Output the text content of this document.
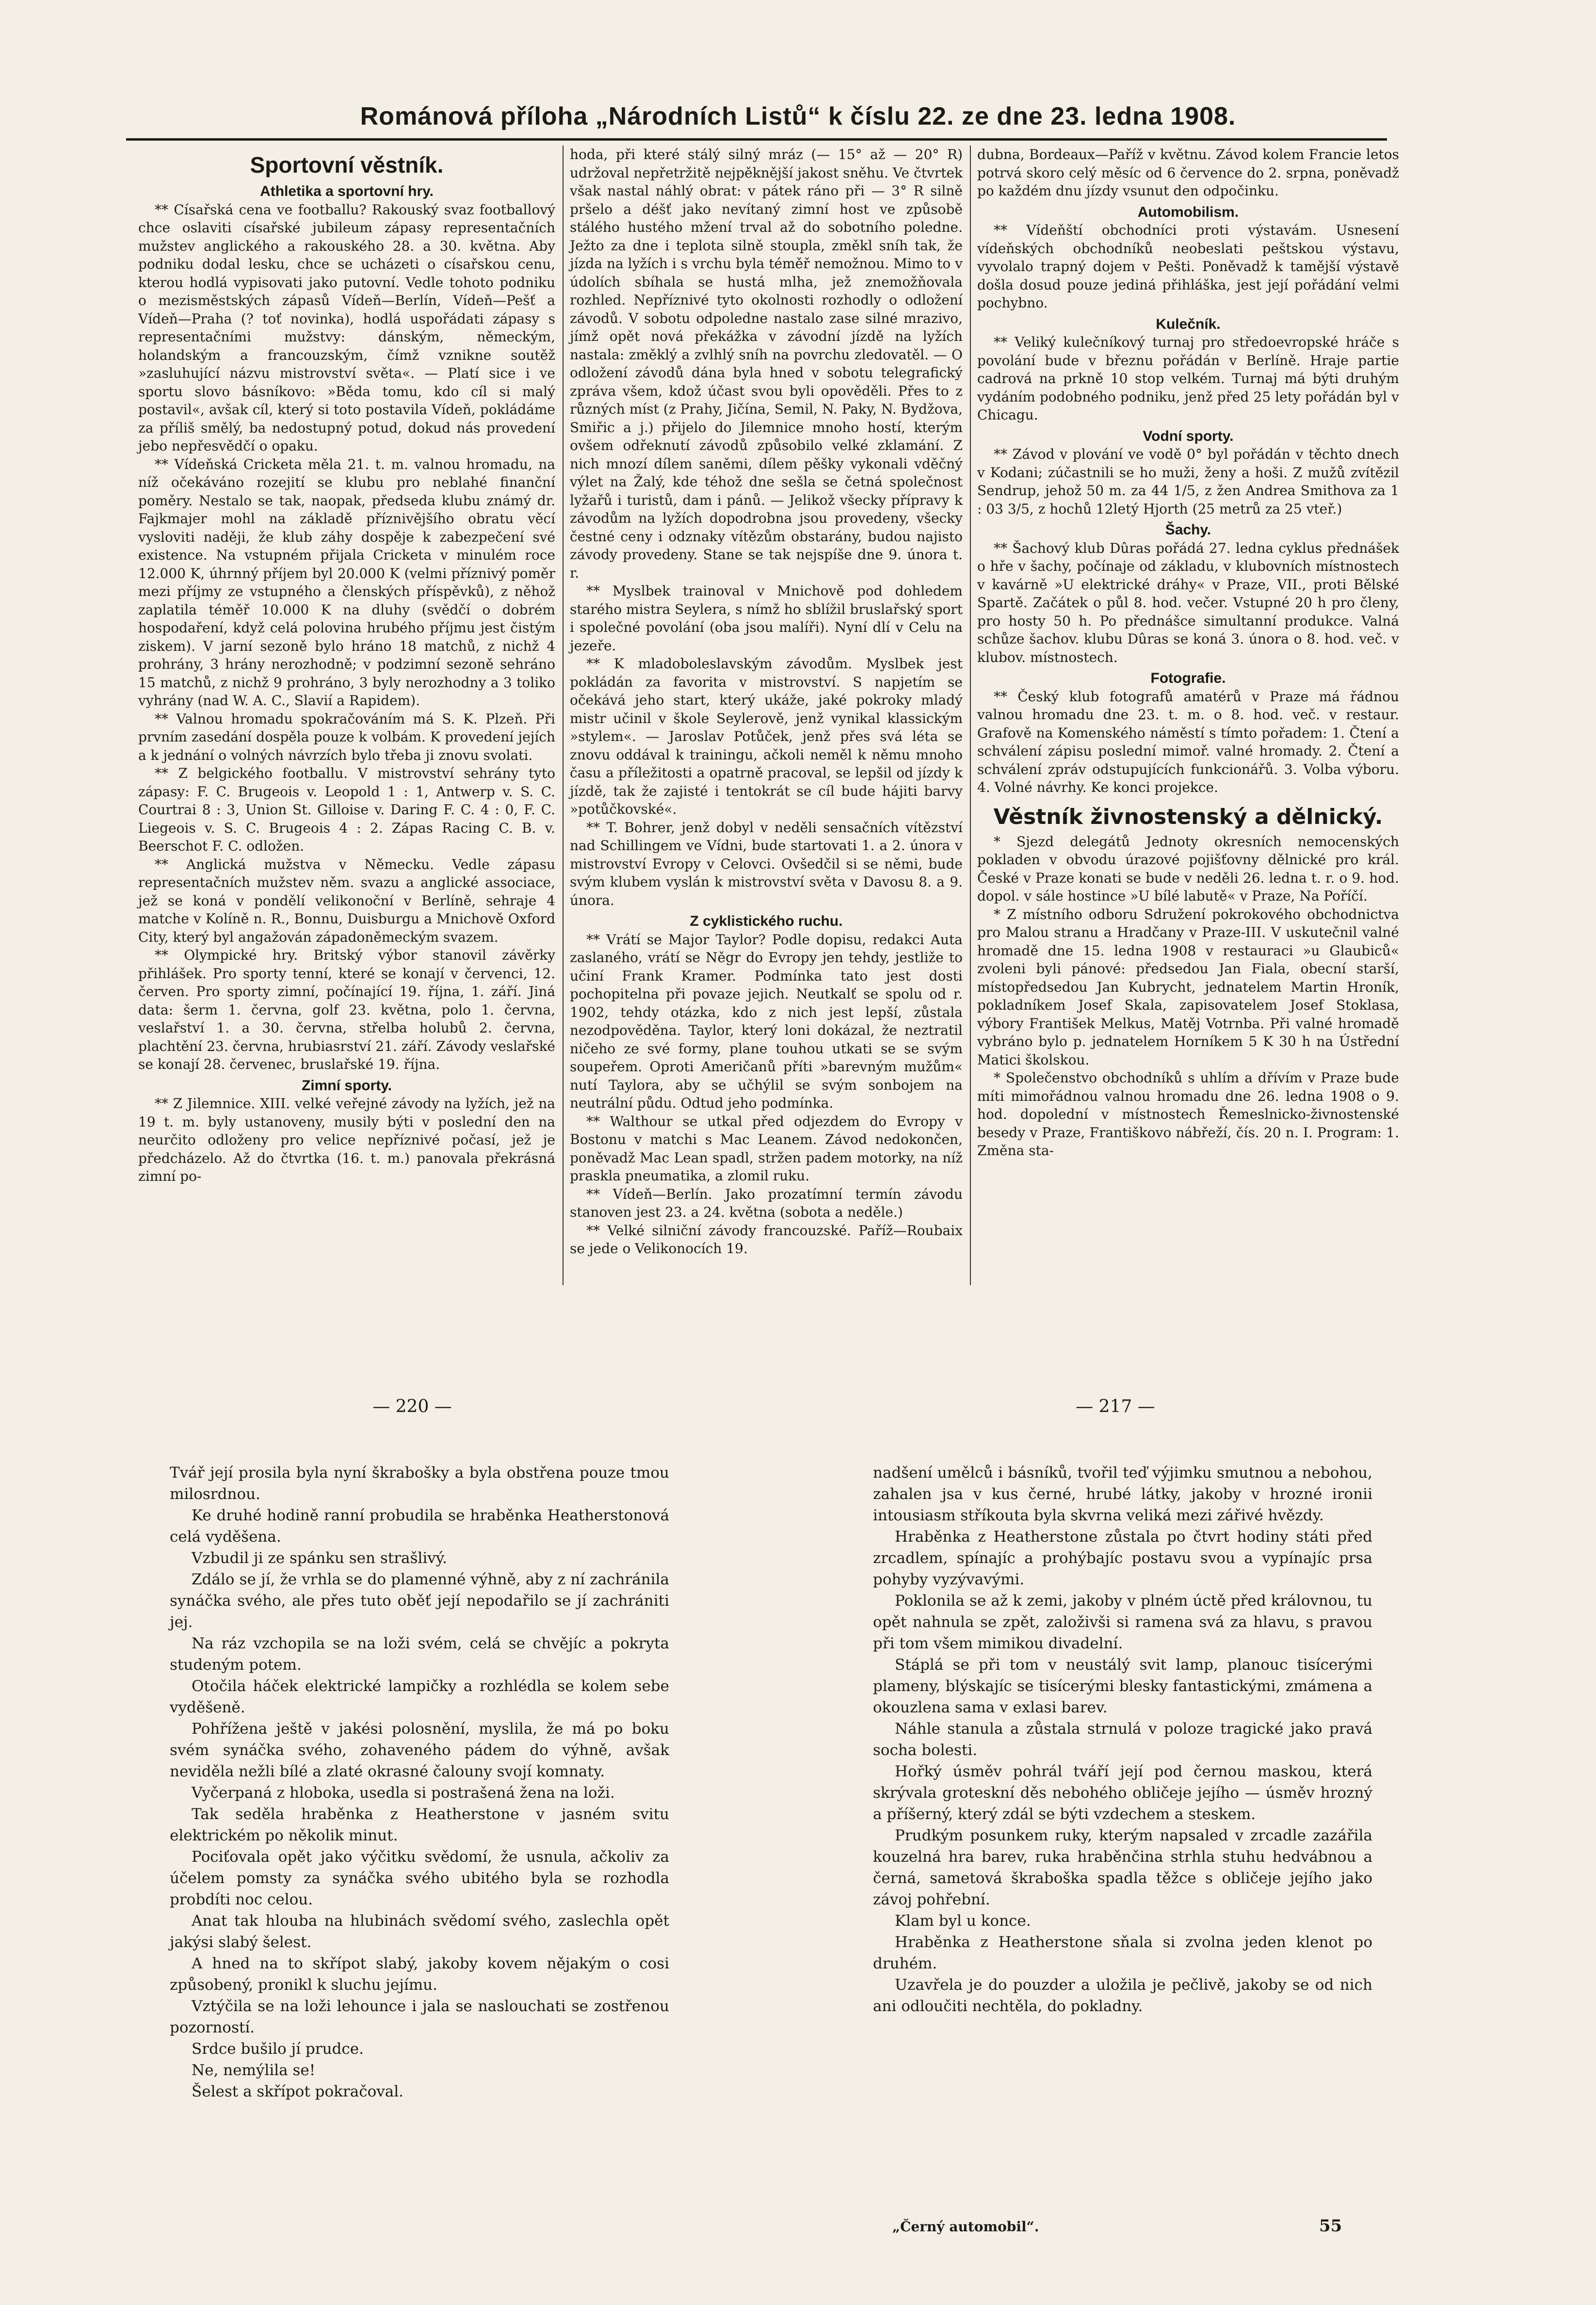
Románová příloha „Národních Listů“ k číslu 22. ze dne 23. ledna 1908.

Sportovní věstník.

Athletika a sportovní hry.

** Císařská cena ve footballu? Rakouský svaz footballový chce oslaviti císařské jubileum zápasy representačních mužstev anglického a rakouského 28. a 30. května. Aby podniku dodal lesku, chce se ucházeti o císařskou cenu, kterou hodlá vypisovati jako putovní. Vedle tohoto podniku o mezisměstských zápasů Vídeň—Berlín, Vídeň—Pešť a Vídeň—Praha (? toť novinka), hodlá uspořádati zápasy s representačními mužstvy: dánským, německým, holandským a francouzským, čímž vznikne soutěž »zasluhující názvu mistrovství světa«. — Platí sice i ve sportu slovo básníkovo: »Běda tomu, kdo cíl si malý postavil«, avšak cíl, který si toto postavila Vídeň, pokládáme za příliš smělý, ba nedostupný potud, dokud nás provedení jebo nepřesvědčí o opaku.

** Vídeňská Cricketa měla 21. t. m. valnou hromadu, na níž očekáváno rozejití se klubu pro neblahé finanční poměry. Nestalo se tak, naopak, předseda klubu známý dr. Fajkmajer mohl na základě příznivějšího obratu věcí vysloviti naději, že klub záhy dospěje k zabezpečení své existence. Na vstupném přijala Cricketa v minulém roce 12.000 K, úhrnný příjem byl 20.000 K (velmi příznivý poměr mezi příjmy ze vstupného a členských příspěvků), z něhož zaplatila téměř 10.000 K na dluhy (svědčí o dobrém hospodaření, když celá polovina hrubého příjmu jest čistým ziskem). V jarní sezoně bylo hráno 18 matchů, z nichž 4 prohrány, 3 hrány nerozhodně; v podzimní sezoně sehráno 15 matchů, z nichž 9 prohráno, 3 byly nerozhodny a 3 toliko vyhrány (nad W. A. C., Slavií a Rapidem).

** Valnou hromadu spokračováním má S. K. Plzeň. Při prvním zasedání dospěla pouze k volbám. K provedení jejích a k jednání o volných návrzích bylo třeba ji znovu svolati.

** Z belgického footballu. V mistrovství sehrány tyto zápasy: F. C. Brugeois v. Leopold 1 : 1, Antwerp v. S. C. Courtrai 8 : 3, Union St. Gilloise v. Daring F. C. 4 : 0, F. C. Liegeois v. S. C. Brugeois 4 : 2. Zápas Racing C. B. v. Beerschot F. C. odložen.

** Anglická mužstva v Německu. Vedle zápasu representačních mužstev něm. svazu a anglické associace, jež se koná v pondělí velikonoční v Berlíně, sehraje 4 matche v Kolíně n. R., Bonnu, Duisburgu a Mnichově Oxford City, který byl angažován západoněmeckým svazem.

** Olympické hry. Britský výbor stanovil závěrky přihlášek. Pro sporty tenní, které se konají v červenci, 12. červen. Pro sporty zimní, počínající 19. října, 1. září. Jiná data: šerm 1. června, golf 23. května, polo 1. června, veslařství 1. a 30. června, střelba holubů 2. června, plachtění 23. června, hrubiasrství 21. září. Závody veslařské se konají 28. červenec, bruslařské 19. října.

Zimní sporty.

** Z Jilemnice. XIII. velké veřejné závody na lyžích, jež na 19 t. m. byly ustanoveny, musily býti v poslední den na neurčito odloženy pro velice nepříznivé počasí, jež je předcházelo. Až do čtvrtka (16. t. m.) panovala překrásná zimní po-

hoda, při které stálý silný mráz (— 15° až — 20° R) udržoval nepřetržitě nejpěknější jakost sněhu. Ve čtvrtek však nastal náhlý obrat: v pátek ráno při — 3° R silně pršelo a déšť jako nevítaný zimní host ve způsobě stálého hustého mžení trval až do sobotního poledne. Ježto za dne i teplota silně stoupla, změkl sníh tak, že jízda na lyžích i s vrchu byla téměř nemožnou. Mimo to v údolích sbíhala se hustá mlha, jež znemožňovala rozhled. Nepříznivé tyto okolnosti rozhodly o odložení závodů. V sobotu odpoledne nastalo zase silné mrazivo, jímž opět nová překážka v závodní jízdě na lyžích nastala: změklý a zvlhlý sníh na povrchu zledovatěl. — O odložení závodů dána byla hned v sobotu telegrafický zpráva všem, kdož účast svou byli opověděli. Přes to z různých míst (z Prahy, Jičína, Semil, N. Paky, N. Bydžova, Smiřic a j.) přijelo do Jilemnice mnoho hostí, kterým ovšem odřeknutí závodů způsobilo velké zklamání. Z nich mnozí dílem saněmi, dílem pěšky vykonali vděčný výlet na Žalý, kde téhož dne sešla se četná společnost lyžařů i turistů, dam i pánů. — Jelikož všecky přípravy k závodům na lyžích dopodrobna jsou provedeny, všecky čestné ceny i odznaky vítězům obstarány, budou najisto závody provedeny. Stane se tak nejspíše dne 9. února t. r.

** Myslbek trainoval v Mnichově pod dohledem starého mistra Seylera, s nímž ho sblížil bruslařský sport i společné povolání (oba jsou malíři). Nyní dlí v Celu na jezeře.

** K mladoboleslavským závodům. Myslbek jest pokládán za favorita v mistrovství. S napjetím se očekává jeho start, který ukáže, jaké pokroky mladý mistr učinil v škole Seylerově, jenž vynikal klassickým »stylem«. — Jaroslav Potůček, jenž přes svá léta se znovu oddával k trainingu, ačkoli neměl k němu mnoho času a příležitosti a opatrně pracoval, se lepšil od jízdy k jízdě, tak že zajisté i tentokrát se cíl bude hájiti barvy »potůčkovské«.

** T. Bohrer, jenž dobyl v neděli sensačních vítězství nad Schillingem ve Vídni, bude startovati 1. a 2. února v mistrovství Evropy v Celovci. Ovšedčil si se němi, bude svým klubem vyslán k mistrovství světa v Davosu 8. a 9. února.

Z cyklistického ruchu.

** Vrátí se Major Taylor? Podle dopisu, redakci Auta zaslaného, vrátí se Něgr do Evropy jen tehdy, jestliže to učiní Frank Kramer. Podmínka tato jest dosti pochopitelna při povaze jejich. Neutkalť se spolu od r. 1902, tehdy otázka, kdo z nich jest lepší, zůstala nezodpověděna. Taylor, který loni dokázal, že neztratil ničeho ze své formy, plane touhou utkati se se svým soupeřem. Oproti Američanů příti »barevným mužům« nutí Taylora, aby se učhýlil se svým sonbojem na neutrální půdu. Odtud jeho podmínka.

** Walthour se utkal před odjezdem do Evropy v Bostonu v matchi s Mac Leanem. Závod nedokončen, poněvadž Mac Lean spadl, stržen padem motorky, na níž praskla pneumatika, a zlomil ruku.

** Vídeň—Berlín. Jako prozatímní termín závodu stanoven jest 23. a 24. května (sobota a neděle.)

** Velké silniční závody francouzské. Paříž—Roubaix se jede o Velikonocích 19.

dubna, Bordeaux—Paříž v květnu. Závod kolem Francie letos potrvá skoro celý měsíc od 6 července do 2. srpna, poněvadž po každém dnu jízdy vsunut den odpočinku.

Automobilism.

** Vídeňští obchodníci proti výstavám. Usnesení vídeňských obchodníků neobeslati peštskou výstavu, vyvolalo trapný dojem v Pešti. Poněvadž k tamější výstavě došla dosud pouze jediná přihláška, jest její pořádání velmi pochybno.

Kulečník.

** Veliký kulečníkový turnaj pro středoevropské hráče s povolání bude v březnu pořádán v Berlíně. Hraje partie cadrová na prkně 10 stop velkém. Turnaj má býti druhým vydáním podobného podniku, jenž před 25 lety pořádán byl v Chicagu.

Vodní sporty.

** Závod v plování ve vodě 0° byl pořádán v těchto dnech v Kodani; zúčastnili se ho muži, ženy a hoši. Z mužů zvítězil Sendrup, jehož 50 m. za 44 1/5, z žen Andrea Smithova za 1 : 03 3/5, z hochů 12letý Hjorth (25 metrů za 25 vteř.)

Šachy.

** Šachový klub Dûras pořádá 27. ledna cyklus přednášek o hře v šachy, počínaje od základu, v klubovních místnostech v kavárně »U elektrické dráhy« v Praze, VII., proti Bělské Spartě. Začátek o půl 8. hod. večer. Vstupné 20 h pro členy, pro hosty 50 h. Po přednášce simultanní produkce. Valná schůze šachov. klubu Dûras se koná 3. února o 8. hod. več. v klubov. místnostech.

Fotografie.

** Český klub fotografů amatérů v Praze má řádnou valnou hromadu dne 23. t. m. o 8. hod. več. v restaur. Grafově na Komenského náměstí s tímto pořadem: 1. Čtení a schválení zápisu poslední mimoř. valné hromady. 2. Čtení a schválení zpráv odstupujících funkcionářů. 3. Volba výboru. 4. Volné návrhy. Ke konci projekce.

Věstník živnostenský a dělnický.

* Sjezd delegátů Jednoty okresních nemocenských pokladen v obvodu úrazové pojišťovny dělnické pro král. České v Praze konati se bude v neděli 26. ledna t. r. o 9. hod. dopol. v sále hostince »U bílé labutě« v Praze, Na Poříčí.

* Z místního odboru Sdružení pokrokového obchodnictva pro Malou stranu a Hradčany v Praze-III. V uskutečnil valné hromadě dne 15. ledna 1908 v restauraci »u Glaubiců« zvoleni byli pánové: předsedou Jan Fiala, obecní starší, místopředsedou Jan Kubrycht, jednatelem Martin Hroník, pokladníkem Josef Skala, zapisovatelem Josef Stoklasa, výbory František Melkus, Matěj Votrnba. Při valné hromadě vybráno bylo p. jednatelem Horníkem 5 K 30 h na Ústřední Matici školskou.

* Společenstvo obchodníků s uhlím a dřívím v Praze bude míti mimořádnou valnou hromadu dne 26. ledna 1908 o 9. hod. dopolední v místnostech Řemeslnicko-živnostenské besedy v Praze, Františkovo nábřeží, čís. 20 n. I. Program: 1. Změna sta-

— 220 —	— 217 —

Tvář její prosila byla nyní škraboškу a byla obstřena pouze tmou milosrdnou.

Ke druhé hodině ranní probudila se hraběnka Heatherstonová celá vyděšena.

Vzbudil ji ze spánku sen strašlivý.

Zdálo se jí, že vrhla se do plamenné výhně, aby z ní zachránila synáčka svého, ale přes tuto oběť její nepodařilo se jí zachrániti jej.

Na ráz vzchopila se na loži svém, celá se chvějíc a pokryta studeným potem.

Otočila háček elektrické lampičky a rozhlédla se kolem sebe vyděšeně.

Pohřížena ještě v jakési polosnění, myslila, že má po boku svém synáčka svého, zohaveného pádem do výhně, avšak neviděla nežli bílé a zlaté okrasné čalouny svojí komnaty.

Vyčerpaná z hloboka, usedla si postrašená žena na loži.

Tak seděla hraběnka z Heatherstone v jasném svitu elektrickém po několik minut.

Pociťovala opět jako výčitku svědomí, že usnula, ačkoliv za účelem pomsty za synáčka svého ubitého byla se rozhodla probdíti noc celou.

Anat tak hlouba na hlubinách svědomí svého, zaslechla opět jakýsi slabý šelest.

A hned na to skřípot slabý, jakoby kovem nějakým o cosi způsobený, pronikl k sluchu jejímu.

Vztýčila se na loži lehounce i jala se naslouchati se zostřenou pozorností.

Srdce bušilo jí prudce.

Ne, nemýlila se!

Šelest a skřípot pokračoval.

nadšení umělců i básníků, tvořil teď výjimku smutnou a nebohou, zahalen jsa v kus černé, hrubé látky, jakoby v hrozné ironii intousiasm stříkouta byla skvrna veliká mezi zářivé hvězdy.

Hraběnka z Heatherstone zůstala po čtvrt hodiny státi před zrcadlem, spínajíc a prohýbajíc postavu svou a vypínajíc prsa pohyby vyzývavými.

Poklonila se až k zemi, jakoby v plném úctě před královnou, tu opět nahnula se zpět, založivši si ramena svá za hlavu, s pravou při tom všem mimikou divadelní.

Stáplá se při tom v neustálý svit lamp, planouc tisícerými plameny, blýskajíc se tisícerými blesky fantastickými, zmámena a okouzlena sama v exlasi barev.

Náhle stanula a zůstala strnulá v poloze tragické jako pravá socha bolesti.

Hořký úsměv pohrál tváří její pod černou maskou, která skrývala groteskní děs nebohého obličeje jejího — úsměv hrozný a příšerný, který zdál se býti vzdechem a steskem.

Prudkým posunkem ruky, kterým napsaled v zrcadle zazářila kouzelná hra barev, ruka hraběnčina strhla stuhu hedvábnou a černá, sametová škraboška spadla těžce s obličeje jejího jako závoj pohřební.

Klam byl u konce.

Hraběnka z Heatherstone sňala si zvolna jeden klenot po druhém.

Uzavřela je do pouzder a uložila je pečlivě, jakoby se od nich ani odloučiti nechtěla, do pokladny.

„Černý automobil“.	55
